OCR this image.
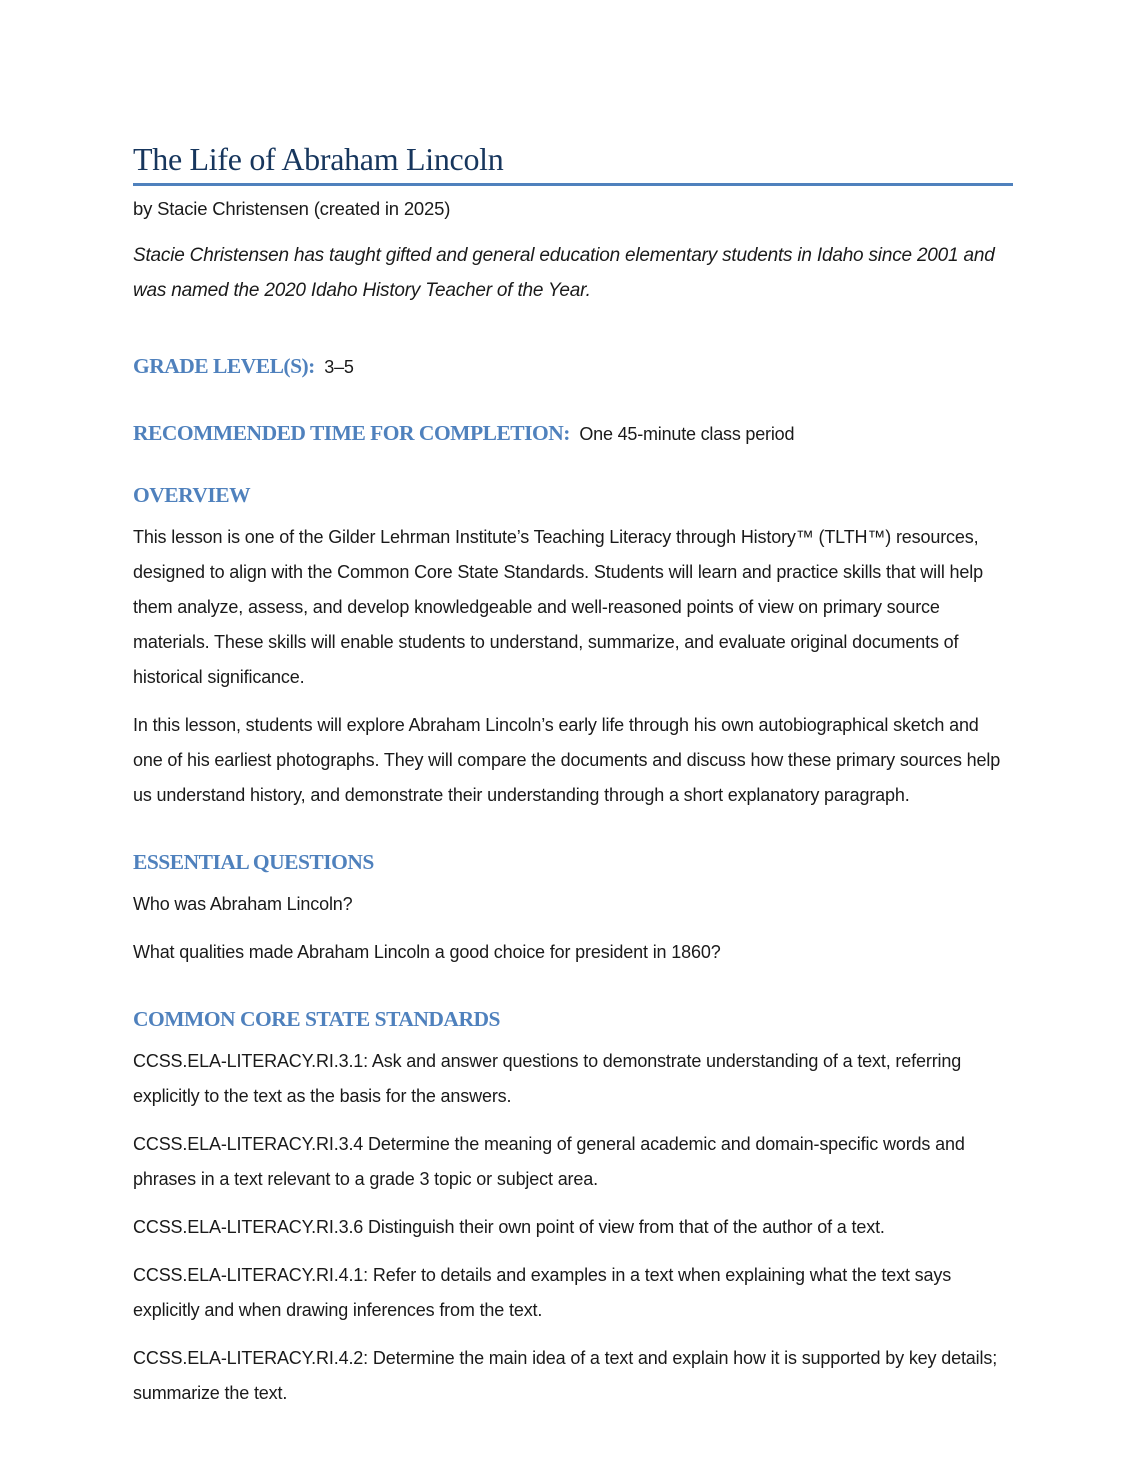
The Life of Abraham Lincoln

by Stacie Christensen (created in 2025)

Stacie Christensen has taught gifted and general education elementary students in Idaho since 2001 and was named the 2020 Idaho History Teacher of the Year.

GRADE LEVEL(S): 3–5

RECOMMENDED TIME FOR COMPLETION: One 45-minute class period

OVERVIEW

This lesson is one of the Gilder Lehrman Institute’s Teaching Literacy through History™ (TLTH™) resources, designed to align with the Common Core State Standards. Students will learn and practice skills that will help them analyze, assess, and develop knowledgeable and well-reasoned points of view on primary source materials. These skills will enable students to understand, summarize, and evaluate original documents of historical significance.

In this lesson, students will explore Abraham Lincoln’s early life through his own autobiographical sketch and one of his earliest photographs. They will compare the documents and discuss how these primary sources help us understand history, and demonstrate their understanding through a short explanatory paragraph.

ESSENTIAL QUESTIONS

Who was Abraham Lincoln?

What qualities made Abraham Lincoln a good choice for president in 1860?

COMMON CORE STATE STANDARDS

CCSS.ELA-LITERACY.RI.3.1: Ask and answer questions to demonstrate understanding of a text, referring explicitly to the text as the basis for the answers.

CCSS.ELA-LITERACY.RI.3.4 Determine the meaning of general academic and domain-specific words and phrases in a text relevant to a grade 3 topic or subject area.

CCSS.ELA-LITERACY.RI.3.6 Distinguish their own point of view from that of the author of a text.

CCSS.ELA-LITERACY.RI.4.1: Refer to details and examples in a text when explaining what the text says explicitly and when drawing inferences from the text.

CCSS.ELA-LITERACY.RI.4.2: Determine the main idea of a text and explain how it is supported by key details; summarize the text.
